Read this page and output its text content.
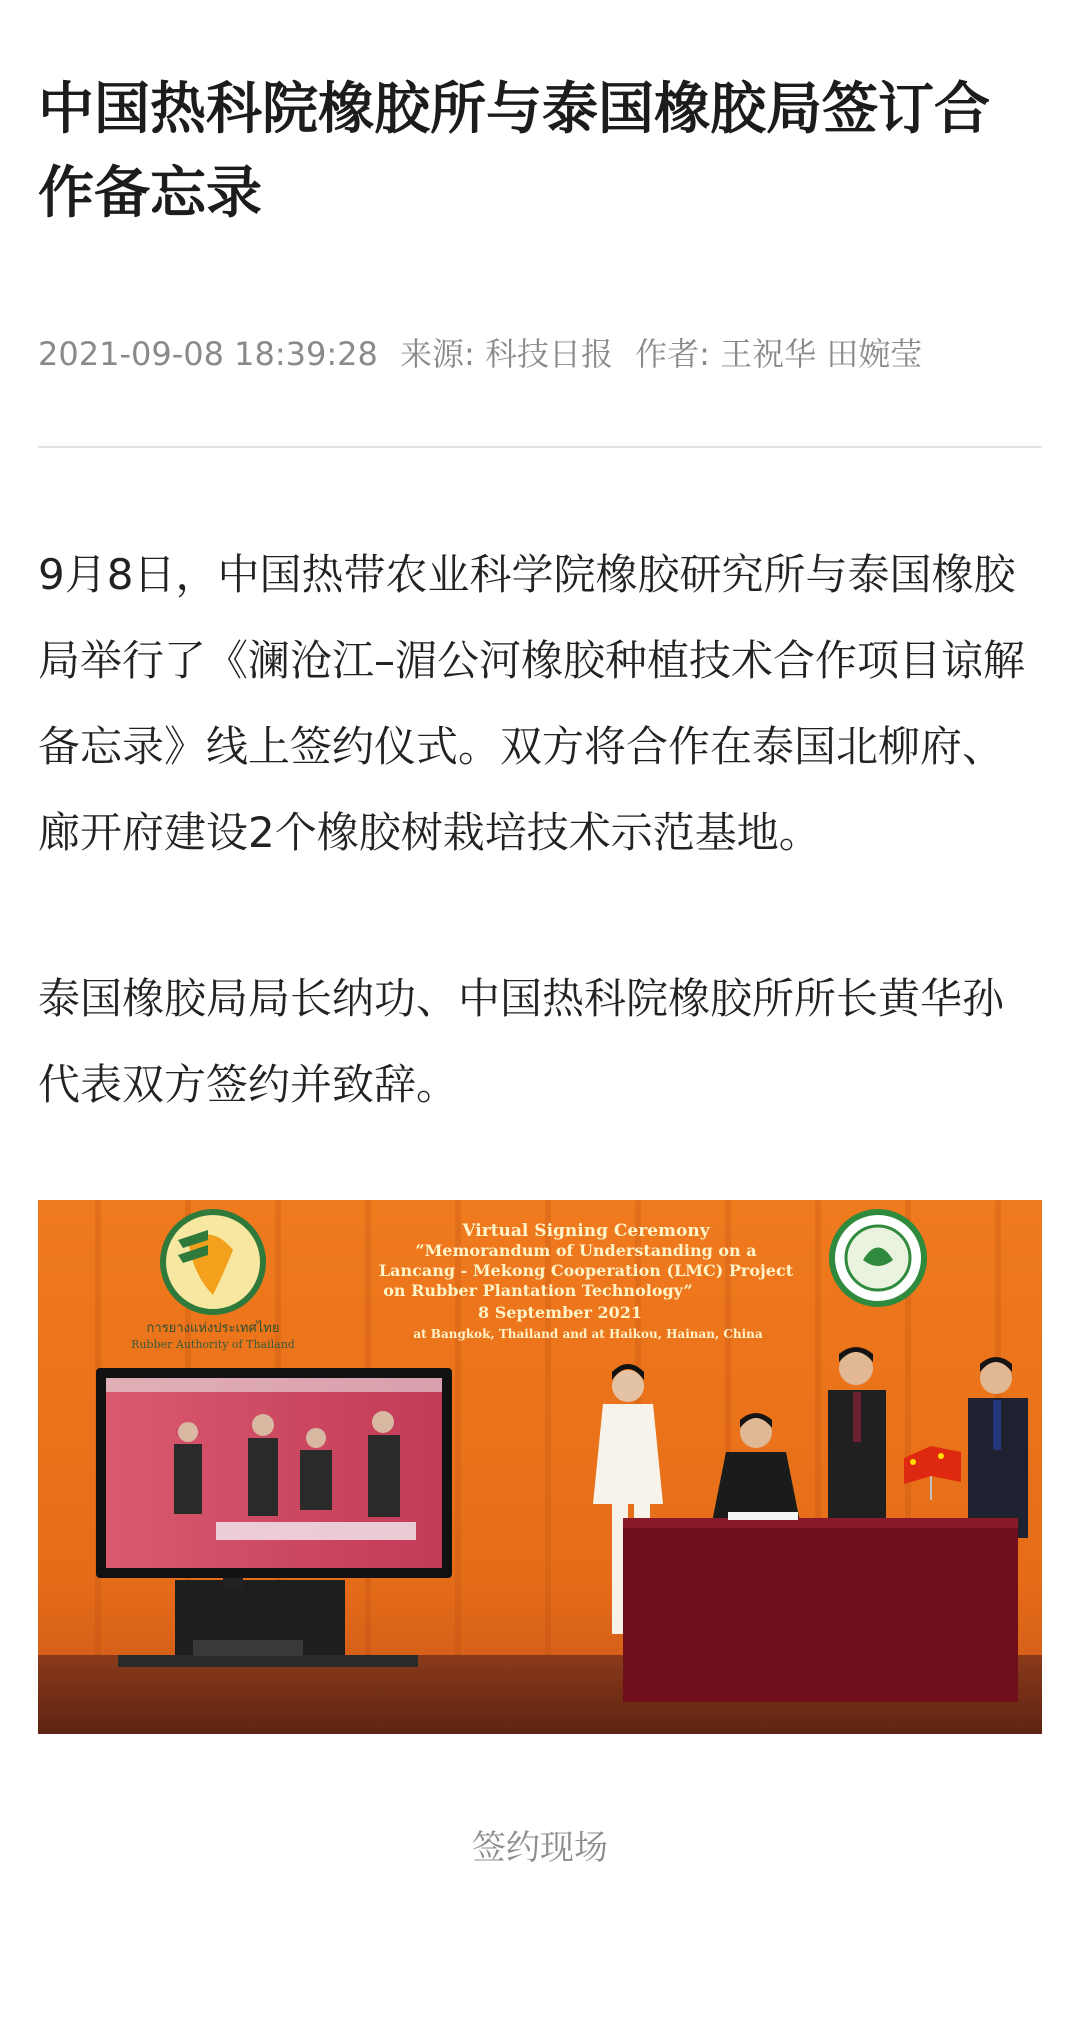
中国热科院橡胶所与泰国橡胶局签订合作备忘录
2021-09-08 18:39:28 来源: 科技日报 作者: 王祝华 田婉莹

9月8日，中国热带农业科学院橡胶研究所与泰国橡胶局举行了《澜沧江–湄公河橡胶种植技术合作项目谅解备忘录》线上签约仪式。双方将合作在泰国北柳府、廊开府建设2个橡胶树栽培技术示范基地。

泰国橡胶局局长纳功、中国热科院橡胶所所长黄华孙代表双方签约并致辞。

การยางแห่งประเทศไทย
Rubber Authority of Thailand
Virtual Signing Ceremony
“Memorandum of Understanding on a
Lancang - Mekong Cooperation (LMC) Project
on Rubber Plantation Technology”
8 September 2021
at Bangkok, Thailand and at Haikou, Hainan, China
签约现场
